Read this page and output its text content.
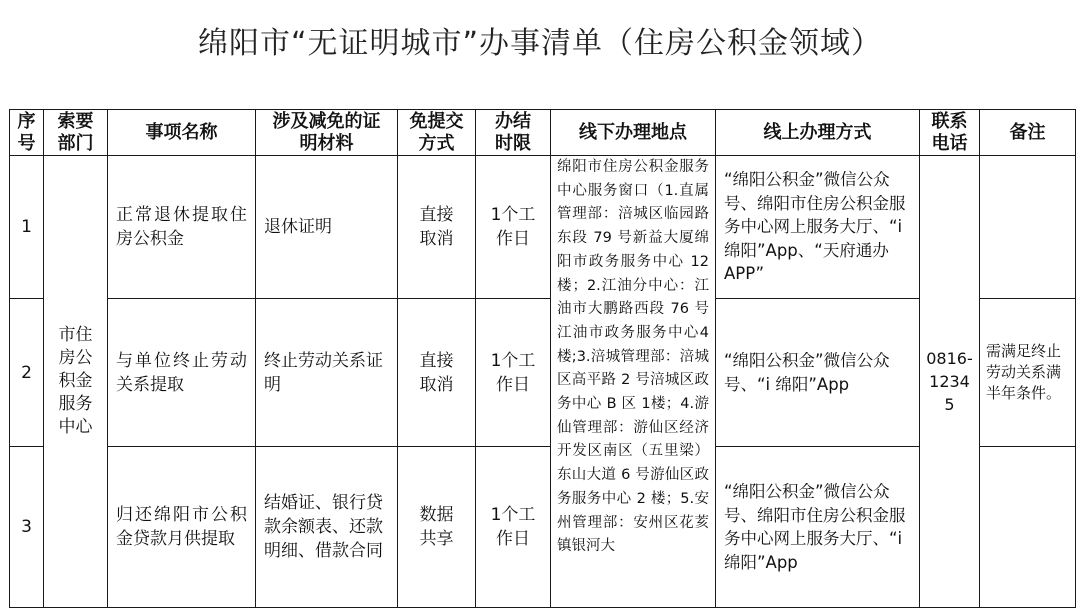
绵阳市“无证明城市”办事清单（住房公积金领域）
序号	索要部门	事项名称	涉及减免的证明材料	免提交方式	办结时限	线下办理地点	线上办理方式	联系电话	备注
1	市住房公积金服务中心	正常退休提取住房公积金	退休证明	直接取消	1个工作日	绵阳市住房公积金服务中心服务窗口（1.直属管理部：涪城区临园路东段 79 号新益大厦绵阳市政务服务中心 12 楼；2.江油分中心：江油市大鹏路西段 76 号江油市政务服务中心4楼;3.涪城管理部：涪城区高平路 2 号涪城区政务中心 B 区 1楼；4.游仙管理部：游仙区经济开发区南区（五里梁）东山大道 6 号游仙区政务服务中心 2 楼；5.安州管理部：安州区花荄镇银河大	“绵阳公积金”微信公众号、绵阳市住房公积金服务中心网上服务大厅、“i 绵阳”App、“天府通办 APP”	0816-12345	
2		与单位终止劳动关系提取	终止劳动关系证明	直接取消	1个工作日		“绵阳公积金”微信公众号、“i 绵阳”App		需满足终止劳动关系满半年条件。
3		归还绵阳市公积金贷款月供提取	结婚证、银行贷款余额表、还款明细、借款合同	数据共享	1个工作日		“绵阳公积金”微信公众号、绵阳市住房公积金服务中心网上服务大厅、“i 绵阳”App		
